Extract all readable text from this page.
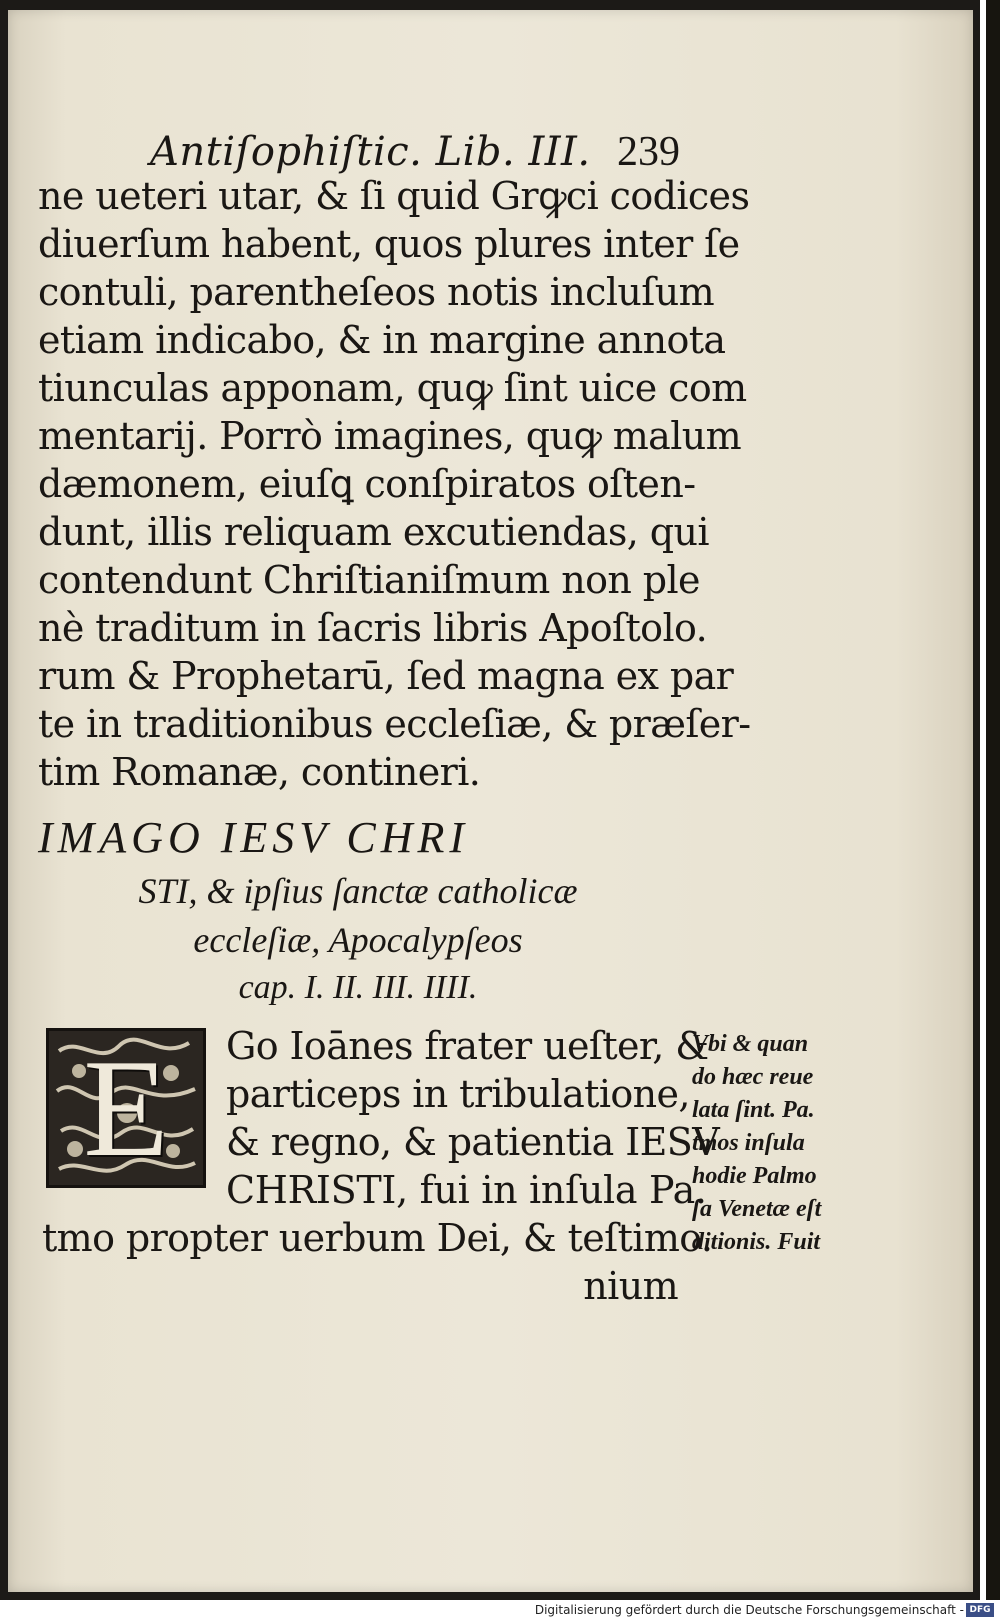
Antiſophiſtic. Lib. III. 239
ne ueteri utar, & ſi quid Grꝙci codices
diuerſum habent, quos plures inter ſe
contuli, parentheſeos notis incluſum
etiam indicabo, & in margine annota
tiunculas apponam, quꝙ ſint uice com
mentarij. Porrò imagines, quꝙ malum
dæmonem, eiuſꝗ conſpiratos oſten-
dunt, illis reliquam excutiendas, qui
contendunt Chriſtianiſmum non ple
nè traditum in ſacris libris Apoſtolo.
rum & Prophetarū, ſed magna ex par
te in traditionibus eccleſiæ, & præſer-
tim Romanæ, contineri.
IMAGO IESV CHRI
STI, & ipſius ſanctæ catholicæ
eccleſiæ, Apocalypſeos
cap. I. II. III. IIII.
E	Go Ioānes frater ueſter, &
particeps in tribulatione,
& regno, & patientia IESV
CHRISTI, fui in inſula Pa.
tmo propter uerbum Dei, & teſtimo.
nium
Vbi & quan
do hæc reue
lata ſint. Pa.
tmos inſula
hodie Palmo
ſa Venetæ eſt
ditionis. Fuit
Digitalisierung gefördert durch die Deutsche Forschungsgemeinschaft - DFG
